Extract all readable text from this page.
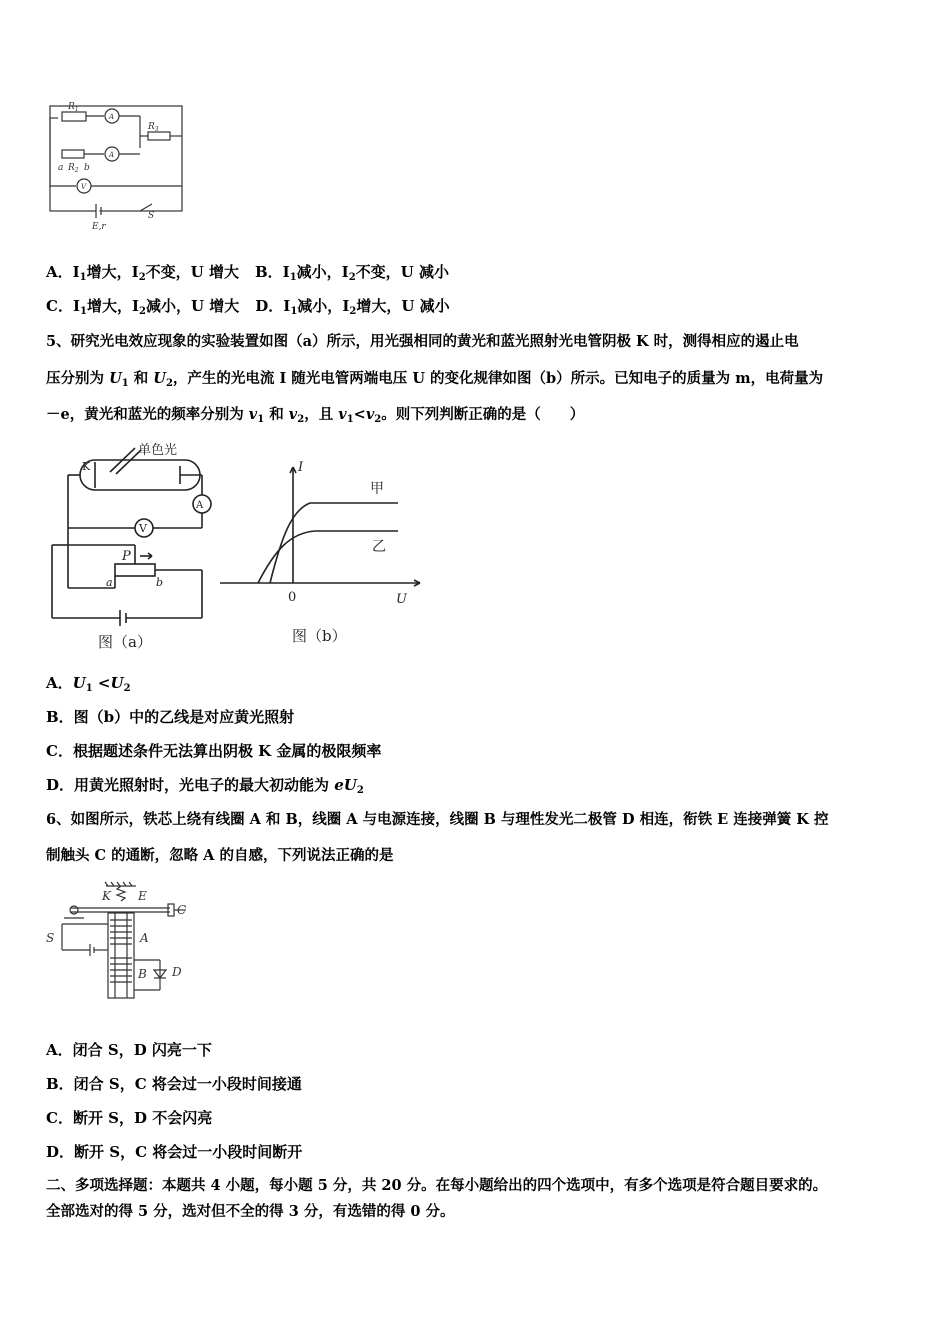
$R_1$
$R_3$
a $R_2$ b
V
A
A
E,r
S
A．$I_1$增大，$I_2$不变，U 增大 B．$I_1$减小，$I_2$不变，U 减小
C．$I_1$增大，$I_2$减小，U 增大 D．$I_1$减小，$I_2$增大，U 减小
5、研究光电效应现象的实验装置如图（a）所示，用光强相同的黄光和蓝光照射光电管阴极 K 时，测得相应的遏止电
压分别为 $U_1$ 和 $U_2$，产生的光电流 I 随光电管两端电压 U 的变化规律如图（b）所示。已知电子的质量为 m，电荷量为
－e，黄光和蓝光的频率分别为 $v_1$ 和 $v_2$，且 $v_1<v_2$。则下列判断正确的是（　　）
单色光
K
A
V
P
a	b
图（a）
I
U
0
甲
乙
图（b）
A．$U_1 <U_2$
B．图（b）中的乙线是对应黄光照射
C．根据题述条件无法算出阴极 K 金属的极限频率
D．用黄光照射时，光电子的最大初动能为 $eU_2$
6、如图所示，铁芯上绕有线圈 A 和 B，线圈 A 与电源连接，线圈 B 与理性发光二极管 D 相连，衔铁 E 连接弹簧 K 控
制触头 C 的通断，忽略 A 的自感，下列说法正确的是
K E
C
S	A
B D
A．闭合 S，D 闪亮一下
B．闭合 S，C 将会过一小段时间接通
C．断开 S，D 不会闪亮
D．断开 S，C 将会过一小段时间断开
二、多项选择题：本题共 4 小题，每小题 5 分，共 20 分。在每小题给出的四个选项中，有多个选项是符合题目要求的。
全部选对的得 5 分，选对但不全的得 3 分，有选错的得 0 分。
